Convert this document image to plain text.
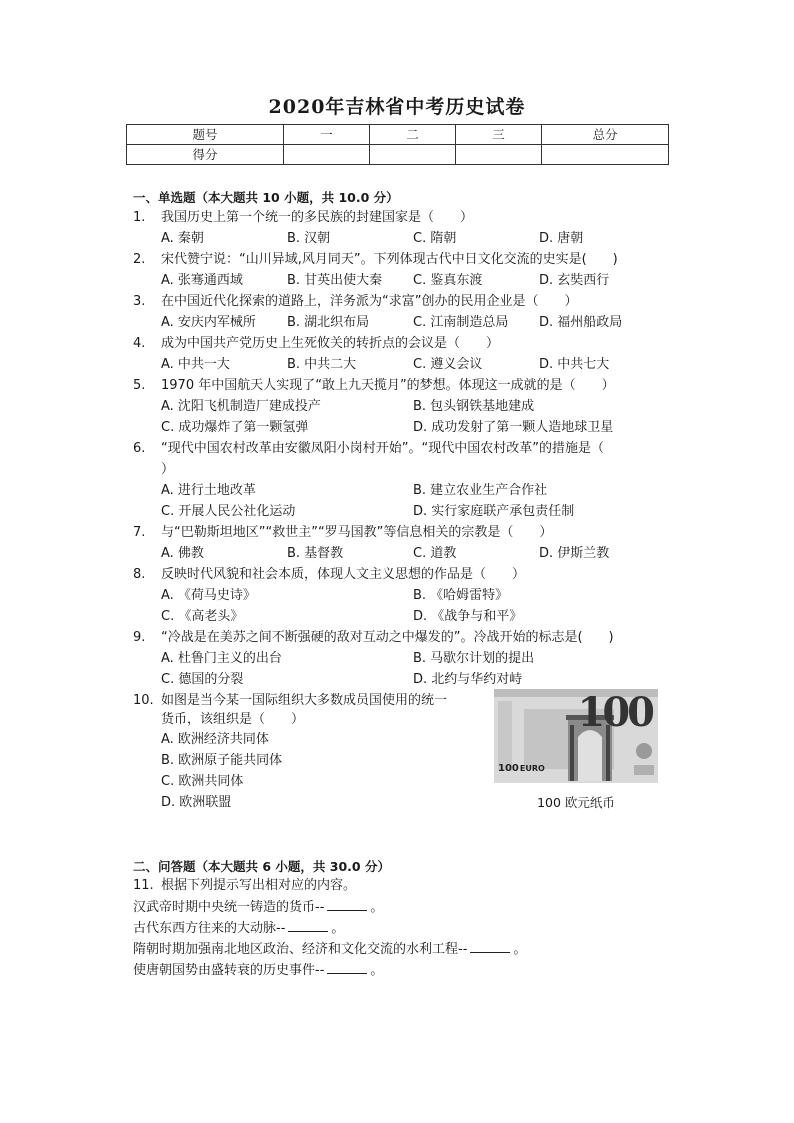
2020年吉林省中考历史试卷
题号	一	二	三	总分
得分				
一、单选题（本大题共 10 小题，共 10.0 分）
1. 我国历史上第一个统一的多民族的封建国家是（　　）
A. 秦朝	B. 汉朝	C. 隋朝	D. 唐朝
2. 宋代赞宁说：“山川异域,风月同天”。下列体现古代中日文化交流的史实是(　　)
A. 张骞通西域	B. 甘英出使大秦 C. 鉴真东渡	D. 玄奘西行
3. 在中国近代化探索的道路上，洋务派为“求富”创办的民用企业是（　　）
A. 安庆内军械所 B. 湖北织布局	C. 江南制造总局 D. 福州船政局
4. 成为中国共产党历史上生死攸关的转折点的会议是（　　）
A. 中共一大	B. 中共二大	C. 遵义会议	D. 中共七大
5. 1970 年中国航天人实现了“敢上九天揽月”的梦想。体现这一成就的是（　　）
A. 沈阳飞机制造厂建成投产	B. 包头钢铁基地建成
C. 成功爆炸了第一颗氢弹	D. 成功发射了第一颗人造地球卫星
6. “现代中国农村改革由安徽凤阳小岗村开始”。“现代中国农村改革”的措施是（
）
A. 进行土地改革	B. 建立农业生产合作社
C. 开展人民公社化运动	D. 实行家庭联产承包责任制
7. 与“巴勒斯坦地区”“救世主”“罗马国教”等信息相关的宗教是（　　）
A. 佛教	B. 基督教	C. 道教	D. 伊斯兰教
8. 反映时代风貌和社会本质，体现人文主义思想的作品是（　　）
A. 《荷马史诗》	B. 《哈姆雷特》
C. 《高老头》	D. 《战争与和平》
9. “冷战是在美苏之间不断强硬的敌对互动之中爆发的”。冷战开始的标志是(　　)
A. 杜鲁门主义的出台	B. 马歇尔计划的提出
C. 德国的分裂	D. 北约与华约对峙
10. 如图是当今某一国际组织大多数成员国使用的统一
货币，该组织是（　　）
A. 欧洲经济共同体
B. 欧洲原子能共同体
C. 欧洲共同体
D. 欧洲联盟
100
100EURO
100 欧元纸币
二、问答题（本大题共 6 小题，共 30.0 分）
11. 根据下列提示写出相对应的内容。
汉武帝时期中央统一铸造的货币--	。
古代东西方往来的大动脉--	。
隋朝时期加强南北地区政治、经济和文化交流的水利工程--	。
使唐朝国势由盛转衰的历史事件--	。
